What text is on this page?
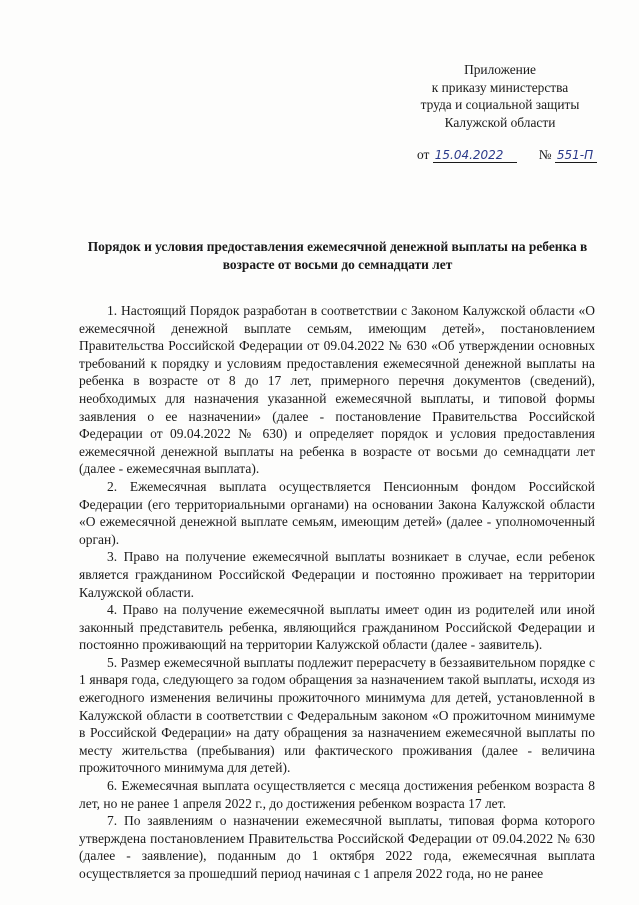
Приложение
к приказу министерства
труда и социальной защиты
Калужской области
от 15.04.2022	№ 551-П
Порядок и условия предоставления ежемесячной денежной выплаты на ребенка в возрасте от восьми до семнадцати лет

1. Настоящий Порядок разработан в соответствии с Законом Калужской области «О ежемесячной денежной выплате семьям, имеющим детей», постановлением Правительства Российской Федерации от 09.04.2022 № 630 «Об утверждении основных требований к порядку и условиям предоставления ежемесячной денежной выплаты на ребенка в возрасте от 8 до 17 лет, примерного перечня документов (сведений), необходимых для назначения указанной ежемесячной выплаты, и типовой формы заявления о ее назначении» (далее - постановление Правительства Российской Федерации от 09.04.2022 № 630) и определяет порядок и условия предоставления ежемесячной денежной выплаты на ребенка в возрасте от восьми до семнадцати лет (далее - ежемесячная выплата).

2. Ежемесячная выплата осуществляется Пенсионным фондом Российской Федерации (его территориальными органами) на основании Закона Калужской области «О ежемесячной денежной выплате семьям, имеющим детей» (далее - уполномоченный орган).

3. Право на получение ежемесячной выплаты возникает в случае, если ребенок является гражданином Российской Федерации и постоянно проживает на территории Калужской области.

4. Право на получение ежемесячной выплаты имеет один из родителей или иной законный представитель ребенка, являющийся гражданином Российской Федерации и постоянно проживающий на территории Калужской области (далее - заявитель).

5. Размер ежемесячной выплаты подлежит перерасчету в беззаявительном порядке с 1 января года, следующего за годом обращения за назначением такой выплаты, исходя из ежегодного изменения величины прожиточного минимума для детей, установленной в Калужской области в соответствии с Федеральным законом «О прожиточном минимуме в Российской Федерации» на дату обращения за назначением ежемесячной выплаты по месту жительства (пребывания) или фактического проживания (далее - величина прожиточного минимума для детей).

6. Ежемесячная выплата осуществляется с месяца достижения ребенком возраста 8 лет, но не ранее 1 апреля 2022 г., до достижения ребенком возраста 17 лет.

7. По заявлениям о назначении ежемесячной выплаты, типовая форма которого утверждена постановлением Правительства Российской Федерации от 09.04.2022 № 630 (далее - заявление), поданным до 1 октября 2022 года, ежемесячная выплата осуществляется за прошедший период начиная с 1 апреля 2022 года, но не ранее
